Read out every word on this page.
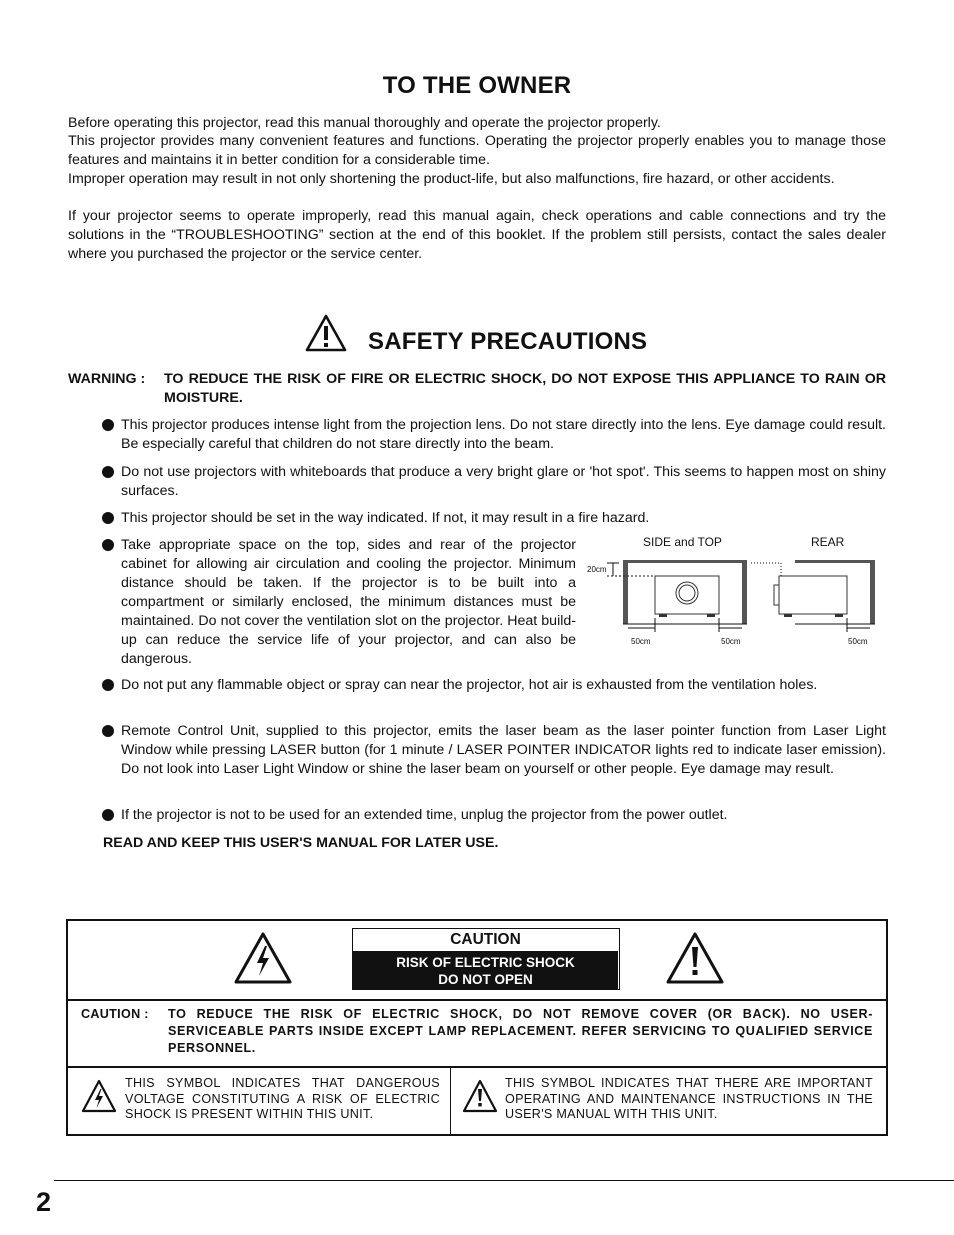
TO THE OWNER
Before operating this projector, read this manual thoroughly and operate the projector properly.
This projector provides many convenient features and functions. Operating the projector properly enables you to manage those features and maintains it in better condition for a considerable time.
Improper operation may result in not only shortening the product-life, but also malfunctions, fire hazard, or other accidents.
If your projector seems to operate improperly, read this manual again, check operations and cable connections and try the solutions in the “TROUBLESHOOTING” section at the end of this booklet. If the problem still persists, contact the sales dealer where you purchased the projector or the service center.
SAFETY PRECAUTIONS
WARNING : TO REDUCE THE RISK OF FIRE OR ELECTRIC SHOCK, DO NOT EXPOSE THIS APPLIANCE TO RAIN OR MOISTURE.
This projector produces intense light from the projection lens. Do not stare directly into the lens. Eye damage could result. Be especially careful that children do not stare directly into the beam.
Do not use projectors with whiteboards that produce a very bright glare or 'hot spot'. This seems to happen most on shiny surfaces.
This projector should be set in the way indicated. If not, it may result in a fire hazard.
Take appropriate space on the top, sides and rear of the projector cabinet for allowing air circulation and cooling the projector. Minimum distance should be taken. If the projector is to be built into a compartment or similarly enclosed, the minimum distances must be maintained. Do not cover the ventilation slot on the projector. Heat build-up can reduce the service life of your projector, and can also be dangerous.
SIDE and TOP	REAR
20cm
50cm	50cm	50cm
Do not put any flammable object or spray can near the projector, hot air is exhausted from the ventilation holes.
Remote Control Unit, supplied to this projector, emits the laser beam as the laser pointer function from Laser Light Window while pressing LASER button (for 1 minute / LASER POINTER INDICATOR lights red to indicate laser emission). Do not look into Laser Light Window or shine the laser beam on yourself or other people. Eye damage may result.
If the projector is not to be used for an extended time, unplug the projector from the power outlet.
READ AND KEEP THIS USER'S MANUAL FOR LATER USE.
CAUTION
RISK OF ELECTRIC SHOCK
DO NOT OPEN
CAUTION : TO REDUCE THE RISK OF ELECTRIC SHOCK, DO NOT REMOVE COVER (OR BACK). NO USER-SERVICEABLE PARTS INSIDE EXCEPT LAMP REPLACEMENT. REFER SERVICING TO QUALIFIED SERVICE PERSONNEL.
THIS SYMBOL INDICATES THAT DANGEROUS VOLTAGE CONSTITUTING A RISK OF ELECTRIC SHOCK IS PRESENT WITHIN THIS UNIT.
THIS SYMBOL INDICATES THAT THERE ARE IMPORTANT OPERATING AND MAINTENANCE INSTRUCTIONS IN THE USER'S MANUAL WITH THIS UNIT.
2
